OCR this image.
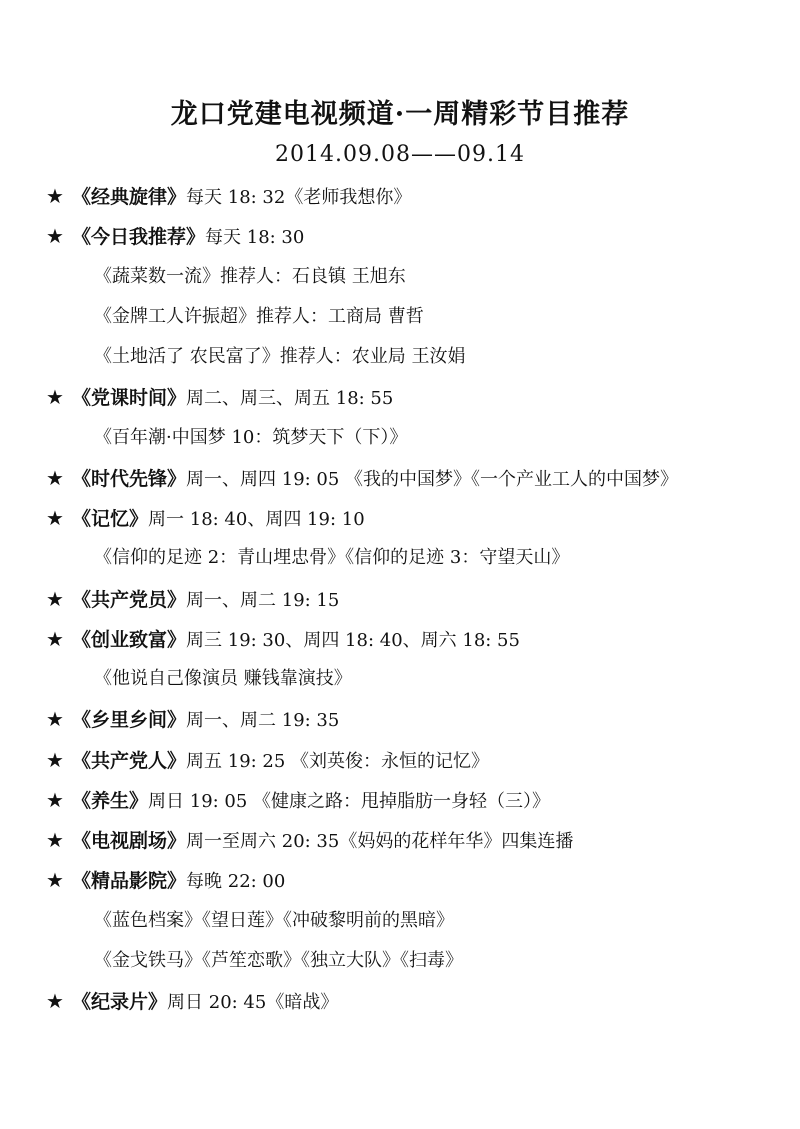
龙口党建电视频道·一周精彩节目推荐
2014.09.08——09.14
★ 《经典旋律》每天 18: 32《老师我想你》
★ 《今日我推荐》每天 18: 30
《蔬菜数一流》推荐人：石良镇 王旭东
《金牌工人许振超》推荐人：工商局 曹哲
《土地活了 农民富了》推荐人：农业局 王汝娟
★ 《党课时间》周二、周三、周五 18: 55
《百年潮·中国梦 10：筑梦天下（下）》
★ 《时代先锋》周一、周四 19: 05 《我的中国梦》《一个产业工人的中国梦》
★ 《记忆》周一 18: 40、周四 19: 10
《信仰的足迹 2：青山埋忠骨》《信仰的足迹 3：守望天山》
★ 《共产党员》周一、周二 19: 15
★ 《创业致富》周三 19: 30、周四 18: 40、周六 18: 55
《他说自己像演员 赚钱靠演技》
★ 《乡里乡间》周一、周二 19: 35
★ 《共产党人》周五 19: 25 《刘英俊：永恒的记忆》
★ 《养生》周日 19: 05 《健康之路：甩掉脂肪一身轻（三）》
★ 《电视剧场》周一至周六 20: 35《妈妈的花样年华》四集连播
★ 《精品影院》每晚 22: 00
《蓝色档案》《望日莲》《冲破黎明前的黑暗》
《金戈铁马》《芦笙恋歌》《独立大队》《扫毒》
★ 《纪录片》周日 20: 45《暗战》
